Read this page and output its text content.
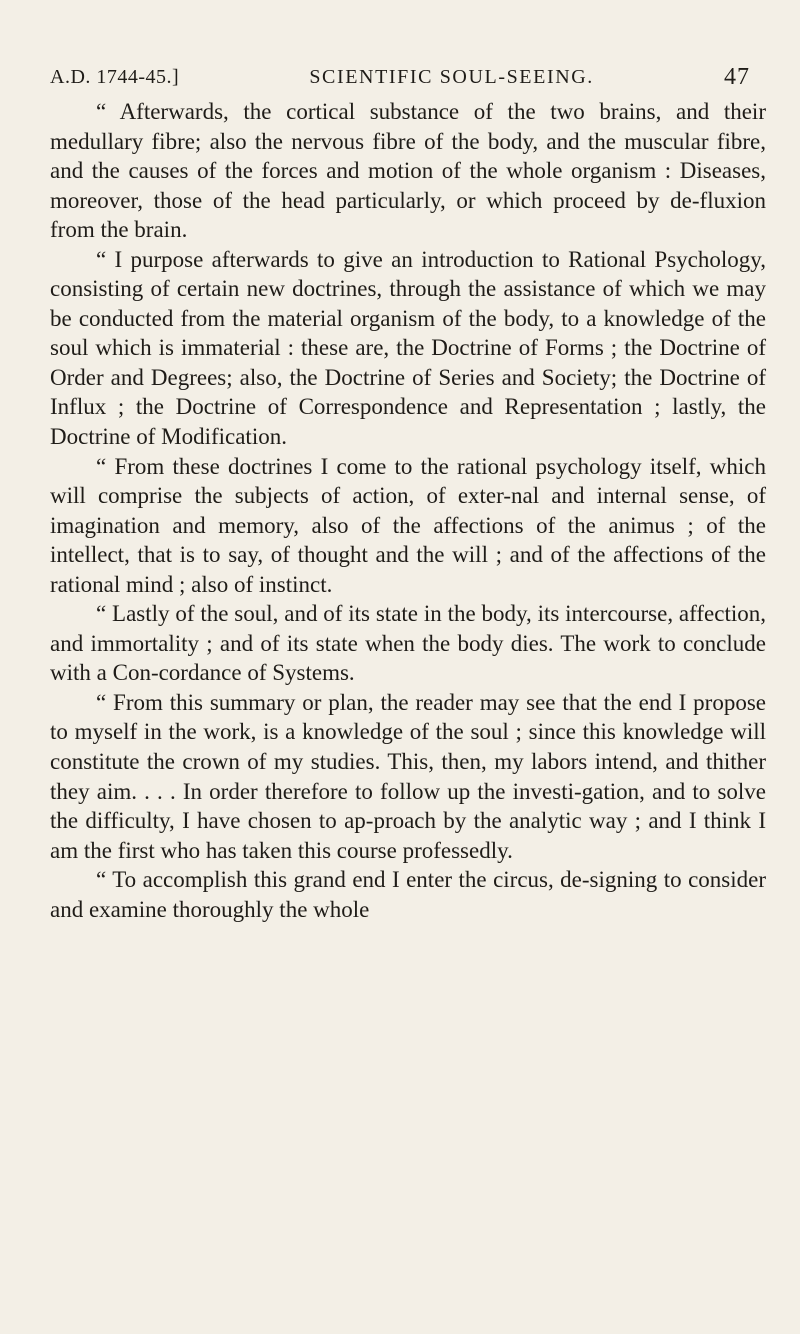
A.D. 1744-45.]	SCIENTIFIC SOUL-SEEING.	47

“ Afterwards, the cortical substance of the two brains, and their medullary fibre; also the nervous fibre of the body, and the muscular fibre, and the causes of the forces and motion of the whole organism : Diseases, moreover, those of the head particularly, or which proceed by de-fluxion from the brain.

“ I purpose afterwards to give an introduction to Rational Psychology, consisting of certain new doctrines, through the assistance of which we may be conducted from the material organism of the body, to a knowledge of the soul which is immaterial : these are, the Doctrine of Forms ; the Doctrine of Order and Degrees; also, the Doctrine of Series and Society; the Doctrine of Influx ; the Doctrine of Correspondence and Representation ; lastly, the Doctrine of Modification.

“ From these doctrines I come to the rational psychology itself, which will comprise the subjects of action, of exter-nal and internal sense, of imagination and memory, also of the affections of the animus ; of the intellect, that is to say, of thought and the will ; and of the affections of the rational mind ; also of instinct.

“ Lastly of the soul, and of its state in the body, its intercourse, affection, and immortality ; and of its state when the body dies. The work to conclude with a Con-cordance of Systems.

“ From this summary or plan, the reader may see that the end I propose to myself in the work, is a knowledge of the soul ; since this knowledge will constitute the crown of my studies. This, then, my labors intend, and thither they aim. . . . In order therefore to follow up the investi-gation, and to solve the difficulty, I have chosen to ap-proach by the analytic way ; and I think I am the first who has taken this course professedly.

“ To accomplish this grand end I enter the circus, de-signing to consider and examine thoroughly the whole
